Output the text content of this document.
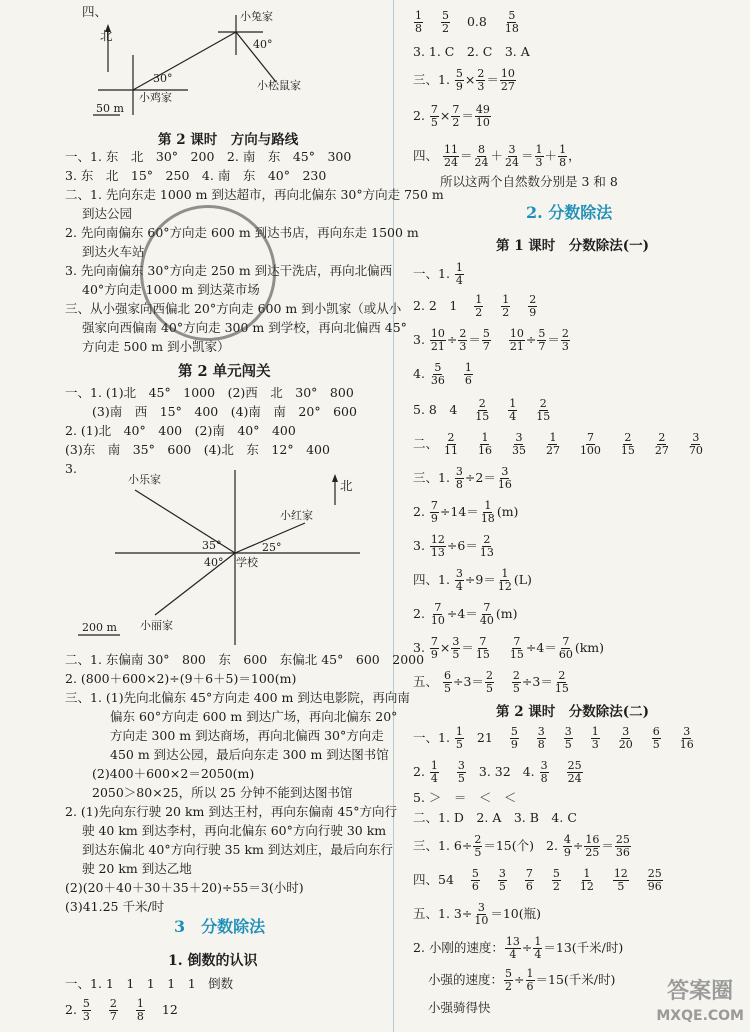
四、
北
小兔家
小鸡家
小松鼠家
30°
40°
50 m
第 2 课时　方向与路线
一、1. 东　北　30°　200　2. 南　东　45°　300
3. 东　北　15°　250　4. 南　东　40°　230
二、1. 先向东走 1000 m 到达超市，再向北偏东 30°方向走 750 m
到达公园
2. 先向南偏东 60°方向走 600 m 到达书店，再向东走 1500 m
到达火车站
3. 先向南偏东 30°方向走 250 m 到达干洗店，再向北偏西
40°方向走 1000 m 到达菜市场
三、从小强家向西偏北 20°方向走 600 m 到小凯家（或从小
强家向西偏南 40°方向走 300 m 到学校，再向北偏西 45°
方向走 500 m 到小凯家）
第 2 单元闯关
一、1. (1)北　45°　1000　(2)西　北　30°　800
(3)南　西　15°　400　(4)南　南　20°　600
2. (1)北　40°　400　(2)南　40°　400
(3)东　南　35°　600　(4)北　东　12°　400
3.
北
小乐家
小红家
小丽家
学校
35°
40°
25°
200 m
二、1. 东偏南 30°　800　东　600　东偏北 45°　600　2000
2. (800＋600×2)÷(9＋6＋5)＝100(m)
三、1. (1)先向北偏东 45°方向走 400 m 到达电影院，再向南
偏东 60°方向走 600 m 到达广场，再向北偏东 20°
方向走 300 m 到达商场，再向北偏西 30°方向走
450 m 到达公园，最后向东走 300 m 到达图书馆
(2)400＋600×2＝2050(m)
2050＞80×25，所以 25 分钟不能到达图书馆
2. (1)先向东行驶 20 km 到达王村，再向东偏南 45°方向行
驶 40 km 到达李村，再向北偏东 60°方向行驶 30 km
到达东偏北 40°方向行驶 35 km 到达刘庄，最后向东行
驶 20 km 到达乙地
(2)(20＋40＋30＋35＋20)÷55＝3(小时)
(3)41.25 千米/时
3　分数除法
1. 倒数的认识
一、1. 1　1　1　1　1　倒数
2. $\frac{5}{3}$
$\frac{2}{7}$
$\frac{1}{8} 12$
$\frac{1}{8}$
$\frac{5}{2} 0.8 \frac{5}{18}$
3. 1. C　2. C　3. A
三、1. $\frac{5}{9} \times \frac{2}{3} = \frac{10}{27}$
2. $\frac{7}{5} \times \frac{7}{2} = \frac{49}{10}$
四、 $\frac{11}{24} = \frac{8}{24} + \frac{3}{24} = \frac{1}{3} + \frac{1}{8}$ ，
所以这两个自然数分别是 3 和 8
2. 分数除法
第 1 课时　分数除法(一)
一、1. $\frac{1}{4}$
2. 2　$1 \frac{1}{2}$
$\frac{1}{2}$
$\frac{2}{9}$
3. $\frac{10}{21} \div \frac{2}{3} = \frac{5}{7}$
$\frac{10}{21} \div \frac{5}{7} = \frac{2}{3}$
4. $\frac{5}{36}$
$\frac{1}{6}$
5. 8　$4 \frac{2}{15}$
$\frac{1}{4}$
$\frac{2}{15}$
二、 $\frac{2}{11}$
$\frac{1}{16}$
$\frac{3}{35}$
$\frac{1}{27}$
$\frac{7}{100}$
$\frac{2}{15}$
$\frac{2}{27}$
$\frac{3}{70}$
三、1. $\frac{3}{8} \div 2= \frac{3}{16}$
2. $\frac{7}{9} \div 14= \frac{1}{18} (m)$
3. $\frac{12}{13} \div 6= \frac{2}{13}$
四、1. $\frac{3}{4} \div 9= \frac{1}{12} (L)$
2. $\frac{7}{10} \div 4= \frac{7}{40} (m)$
3. $\frac{7}{9} \times \frac{3}{5} = \frac{7}{15}$
$\frac{7}{15} \div 4= \frac{7}{60} (km)$
五、 $\frac{6}{5} \div 3= \frac{2}{5}$
$\frac{2}{5} \div 3= \frac{2}{15}$
第 2 课时　分数除法(二)
一、1. $\frac{1}{5} 21 \frac{5}{9}$
$\frac{3}{8}$
$\frac{3}{5}$
$\frac{1}{3}$
$\frac{3}{20}$
$\frac{6}{5}$
$\frac{3}{16}$
2. $\frac{1}{4}$
$\frac{3}{5} 3$. 32 4. $\frac{3}{8}$
$\frac{25}{24}$
5. ＞　＝　＜　＜
二、1. D　2. A　3. B　4. C
三、1. $6\div \frac{2}{5} =15$(个) 2. $\frac{4}{9} \div \frac{16}{25} = \frac{25}{36}$
四、$54 \frac{5}{6}$
$\frac{3}{5}$
$\frac{7}{6}$
$\frac{5}{2}$
$\frac{1}{12}$
$\frac{12}{5}$
$\frac{25}{96}$
五、1. $3\div \frac{3}{10} =10$(瓶)
2. 小刚的速度： $\frac{13}{4} \div \frac{1}{4} =13$(千米/时)
小强的速度： $\frac{5}{2} \div \frac{1}{6} =15$(千米/时)
小强骑得快
答案圈
MXQE.COM
